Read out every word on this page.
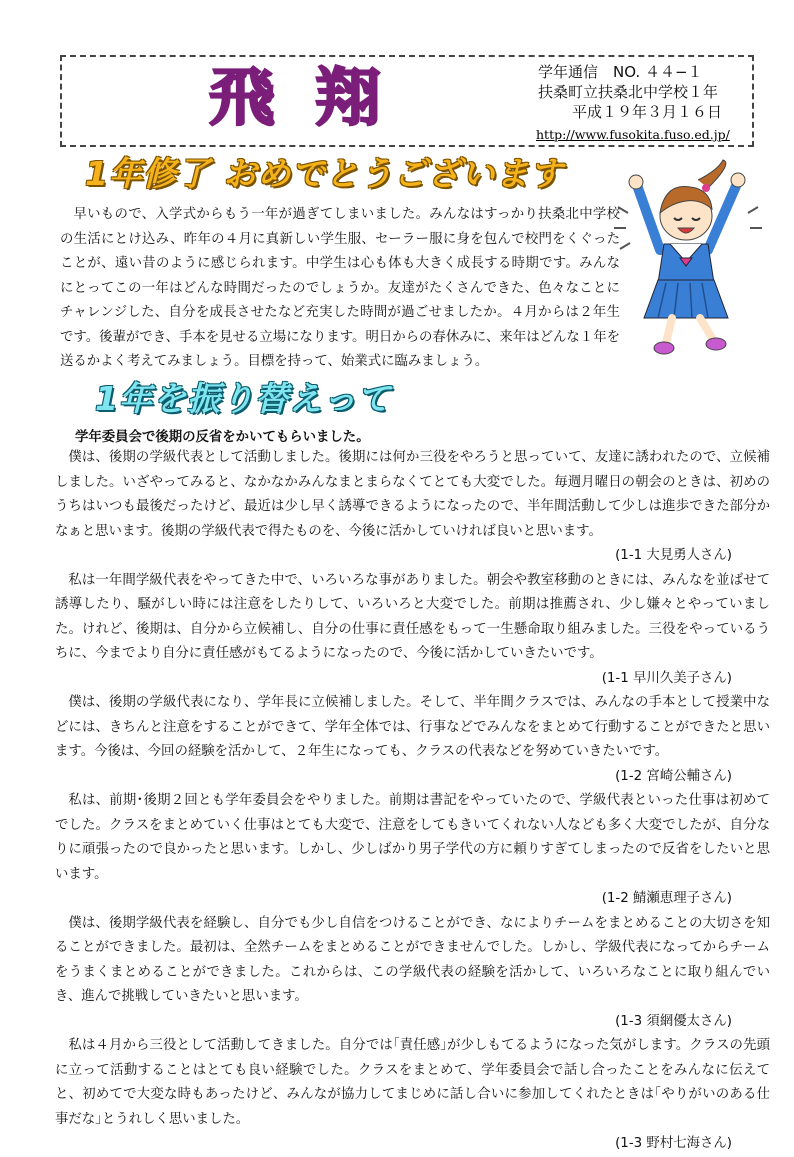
飛翔	学年通信　NO. ４４−１
扶桑町立扶桑北中学校１年
平成１９年３月１６日
http://www.fusokita.fuso.ed.jp/
1年修了 おめでとうございます

早いもので、入学式からもう一年が過ぎてしまいました。みんなはすっかり扶桑北中学校の生活にとけ込み、昨年の４月に真新しい学生服、セーラー服に身を包んで校門をくぐったことが、遠い昔のように感じられます。中学生は心も体も大きく成長する時期です。みんなにとってこの一年はどんな時間だったのでしょうか。友達がたくさんできた、色々なことにチャレンジした、自分を成長させたなど充実した時間が過ごせましたか。４月からは２年生です。後輩ができ、手本を見せる立場になります。明日からの春休みに、来年はどんな１年を送るかよく考えてみましょう。目標を持って、始業式に臨みましょう。

1年を振り替えって
学年委員会で後期の反省をかいてもらいました。

僕は、後期の学級代表として活動しました。後期には何か三役をやろうと思っていて、友達に誘われたので、立候補しました。いざやってみると、なかなかみんなまとまらなくてとても大変でした。毎週月曜日の朝会のときは、初めのうちはいつも最後だったけど、最近は少し早く誘導できるようになったので、半年間活動して少しは進歩できた部分かなぁと思います。後期の学級代表で得たものを、今後に活かしていければ良いと思います。
(1-1 大見勇人さん)

私は一年間学級代表をやってきた中で、いろいろな事がありました。朝会や教室移動のときには、みんなを並ばせて誘導したり、騒がしい時には注意をしたりして、いろいろと大変でした。前期は推薦され、少し嫌々とやっていました。けれど、後期は、自分から立候補し、自分の仕事に責任感をもって一生懸命取り組みました。三役をやっているうちに、今までより自分に責任感がもてるようになったので、今後に活かしていきたいです。
(1-1 早川久美子さん)

僕は、後期の学級代表になり、学年長に立候補しました。そして、半年間クラスでは、みんなの手本として授業中などには、きちんと注意をすることができて、学年全体では、行事などでみんなをまとめて行動することができたと思います。今後は、今回の経験を活かして、２年生になっても、クラスの代表などを努めていきたいです。
(1-2 宮崎公輔さん)

私は、前期･後期２回とも学年委員会をやりました。前期は書記をやっていたので、学級代表といった仕事は初めてでした。クラスをまとめていく仕事はとても大変で、注意をしてもきいてくれない人なども多く大変でしたが、自分なりに頑張ったので良かったと思います。しかし、少しばかり男子学代の方に頼りすぎてしまったので反省をしたいと思います。
(1-2 鯖瀬恵理子さん)

僕は、後期学級代表を経験し、自分でも少し自信をつけることができ、なによりチームをまとめることの大切さを知ることができました。最初は、全然チームをまとめることができませんでした。しかし、学級代表になってからチームをうまくまとめることができました。これからは、この学級代表の経験を活かして、いろいろなことに取り組んでいき、進んで挑戦していきたいと思います。
(1-3 須網優太さん)

私は４月から三役として活動してきました。自分では｢責任感｣が少しもてるようになった気がします。クラスの先頭に立って活動することはとても良い経験でした。クラスをまとめて、学年委員会で話し合ったことをみんなに伝えてと、初めてで大変な時もあったけど、みんなが協力してまじめに話し合いに参加してくれたときは｢やりがいのある仕事だな｣とうれしく思いました。
(1-3 野村七海さん)
